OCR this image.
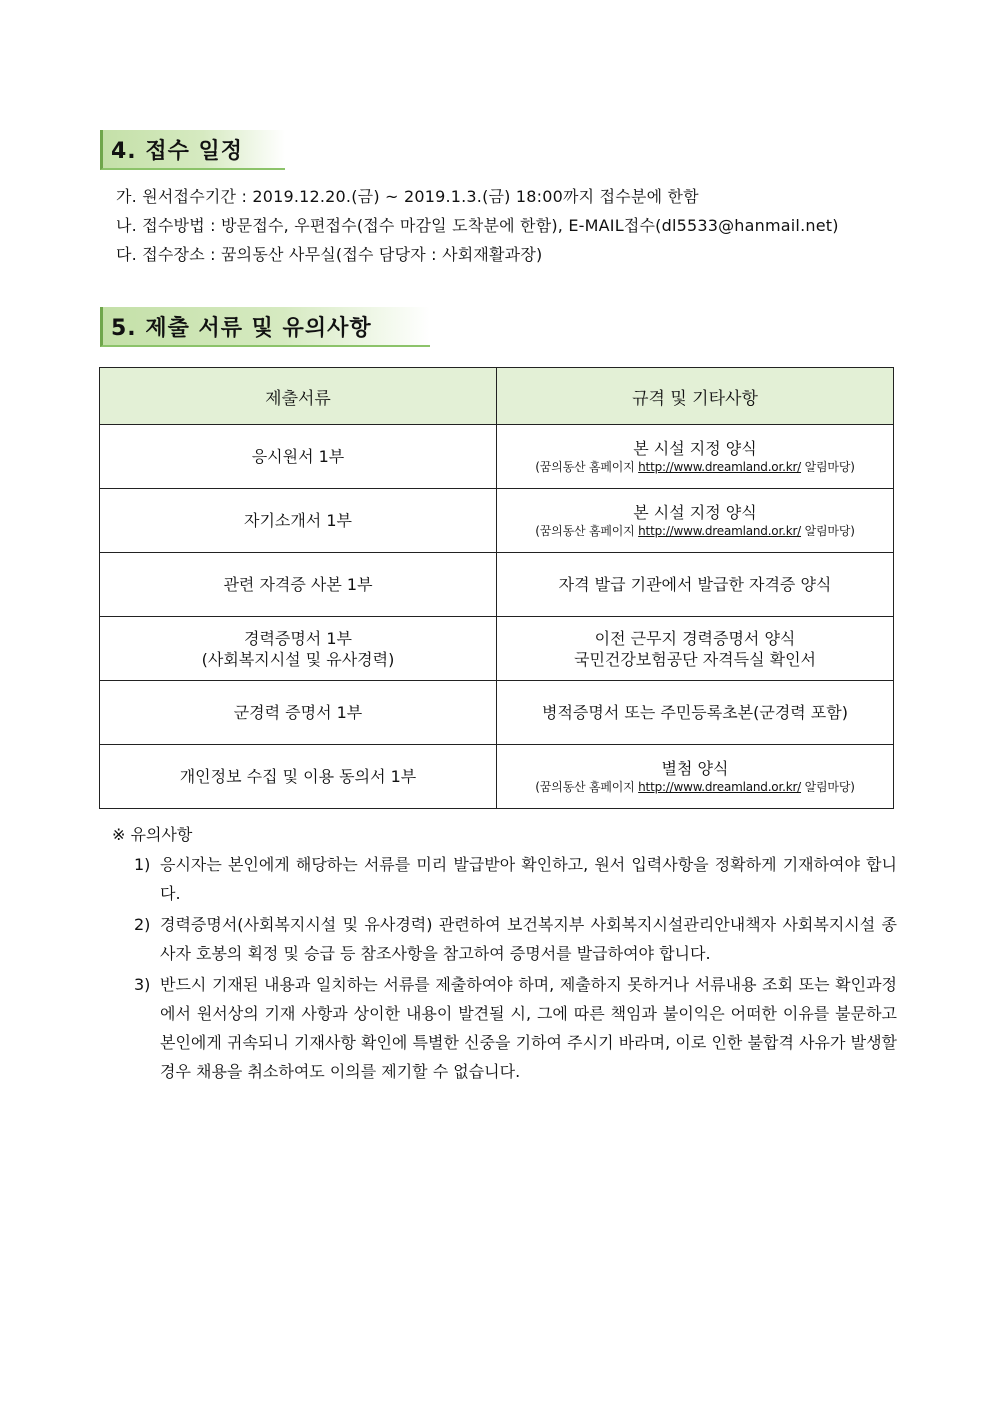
4. 접수 일정
가. 원서접수기간 : 2019.12.20.(금) ~ 2019.1.3.(금) 18:00까지 접수분에 한함
나. 접수방법 : 방문접수, 우편접수(접수 마감일 도착분에 한함), E-MAIL접수(dl5533@hanmail.net)
다. 접수장소 : 꿈의동산 사무실(접수 담당자 : 사회재활과장)
5. 제출 서류 및 유의사항
제출서류	규격 및 기타사항
응시원서 1부	본 시설 지정 양식
(꿈의동산 홈페이지 http://www.dreamland.or.kr/ 알림마당)

자기소개서 1부	본 시설 지정 양식
(꿈의동산 홈페이지 http://www.dreamland.or.kr/ 알림마당)

관련 자격증 사본 1부	자격 발급 기관에서 발급한 자격증 양식

경력증명서 1부
(사회복지시설 및 유사경력)	이전 근무지 경력증명서 양식
국민건강보험공단 자격득실 확인서

군경력 증명서 1부	병적증명서 또는 주민등록초본(군경력 포함)
개인정보 수집 및 이용 동의서 1부	별첨 양식
(꿈의동산 홈페이지 http://www.dreamland.or.kr/ 알림마당)
※ 유의사항
1) 응시자는 본인에게 해당하는 서류를 미리 발급받아 확인하고, 원서 입력사항을 정확하게 기재하여야 합니다.
2) 경력증명서(사회복지시설 및 유사경력) 관련하여 보건복지부 사회복지시설관리안내책자 사회복지시설 종사자 호봉의 획정 및 승급 등 참조사항을 참고하여 증명서를 발급하여야 합니다.
3) 반드시 기재된 내용과 일치하는 서류를 제출하여야 하며, 제출하지 못하거나 서류내용 조회 또는 확인과정에서 원서상의 기재 사항과 상이한 내용이 발견될 시, 그에 따른 책임과 불이익은 어떠한 이유를 불문하고 본인에게 귀속되니 기재사항 확인에 특별한 신중을 기하여 주시기 바라며, 이로 인한 불합격 사유가 발생할 경우 채용을 취소하여도 이의를 제기할 수 없습니다.
